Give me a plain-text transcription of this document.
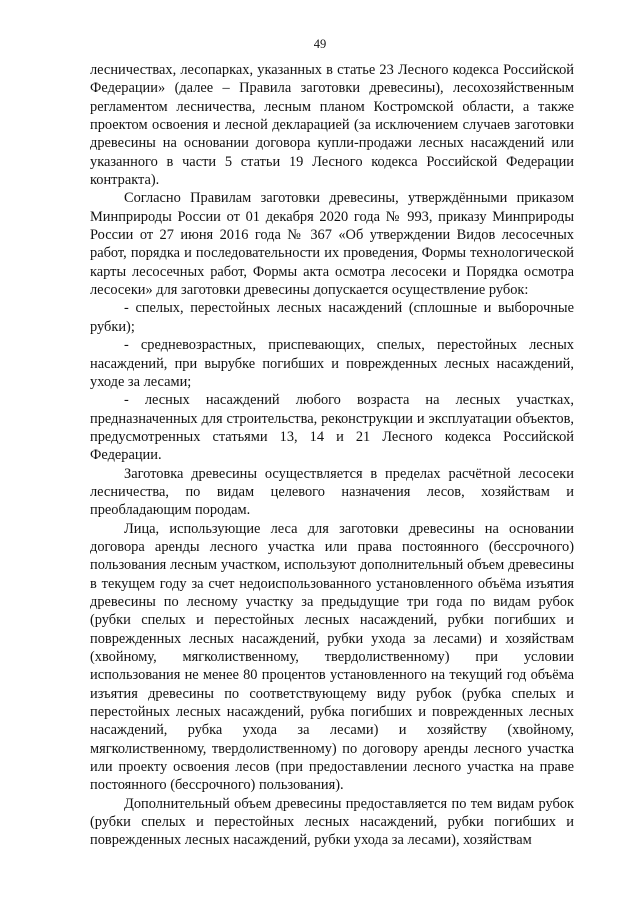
49

лесничествах, лесопарках, указанных в статье 23 Лесного кодекса Российской Федерации» (далее – Правила заготовки древесины), лесохозяйственным регламентом лесничества, лесным планом Костромской области, а также проектом освоения и лесной декларацией (за исключением случаев заготовки древесины на основании договора купли-продажи лесных насаждений или указанного в части 5 статьи 19 Лесного кодекса Российской Федерации контракта).

Согласно Правилам заготовки древесины, утверждёнными приказом Минприроды России от 01 декабря 2020 года № 993, приказу Минприроды России от 27 июня 2016 года № 367 «Об утверждении Видов лесосечных работ, порядка и последовательности их проведения, Формы технологической карты лесосечных работ, Формы акта осмотра лесосеки и Порядка осмотра лесосеки» для заготовки древесины допускается осуществление рубок:

- спелых, перестойных лесных насаждений (сплошные и выборочные рубки);

- средневозрастных, приспевающих, спелых, перестойных лесных насаждений, при вырубке погибших и поврежденных лесных насаждений, уходе за лесами;

- лесных насаждений любого возраста на лесных участках, предназначенных для строительства, реконструкции и эксплуатации объектов, предусмотренных статьями 13, 14 и 21 Лесного кодекса Российской Федерации.

Заготовка древесины осуществляется в пределах расчётной лесосеки лесничества, по видам целевого назначения лесов, хозяйствам и преобладающим породам.

Лица, использующие леса для заготовки древесины на основании договора аренды лесного участка или права постоянного (бессрочного) пользования лесным участком, используют дополнительный объем древесины в текущем году за счет недоиспользованного установленного объёма изъятия древесины по лесному участку за предыдущие три года по видам рубок (рубки спелых и перестойных лесных насаждений, рубки погибших и поврежденных лесных насаждений, рубки ухода за лесами) и хозяйствам (хвойному, мягколиственному, твердолиственному) при условии использования не менее 80 процентов установленного на текущий год объёма изъятия древесины по соответствующему виду рубок (рубка спелых и перестойных лесных насаждений, рубка погибших и поврежденных лесных насаждений, рубка ухода за лесами) и хозяйству (хвойному, мягколиственному, твердолиственному) по договору аренды лесного участка или проекту освоения лесов (при предоставлении лесного участка на праве постоянного (бессрочного) пользования).

Дополнительный объем древесины предоставляется по тем видам рубок (рубки спелых и перестойных лесных насаждений, рубки погибших и поврежденных лесных насаждений, рубки ухода за лесами), хозяйствам
